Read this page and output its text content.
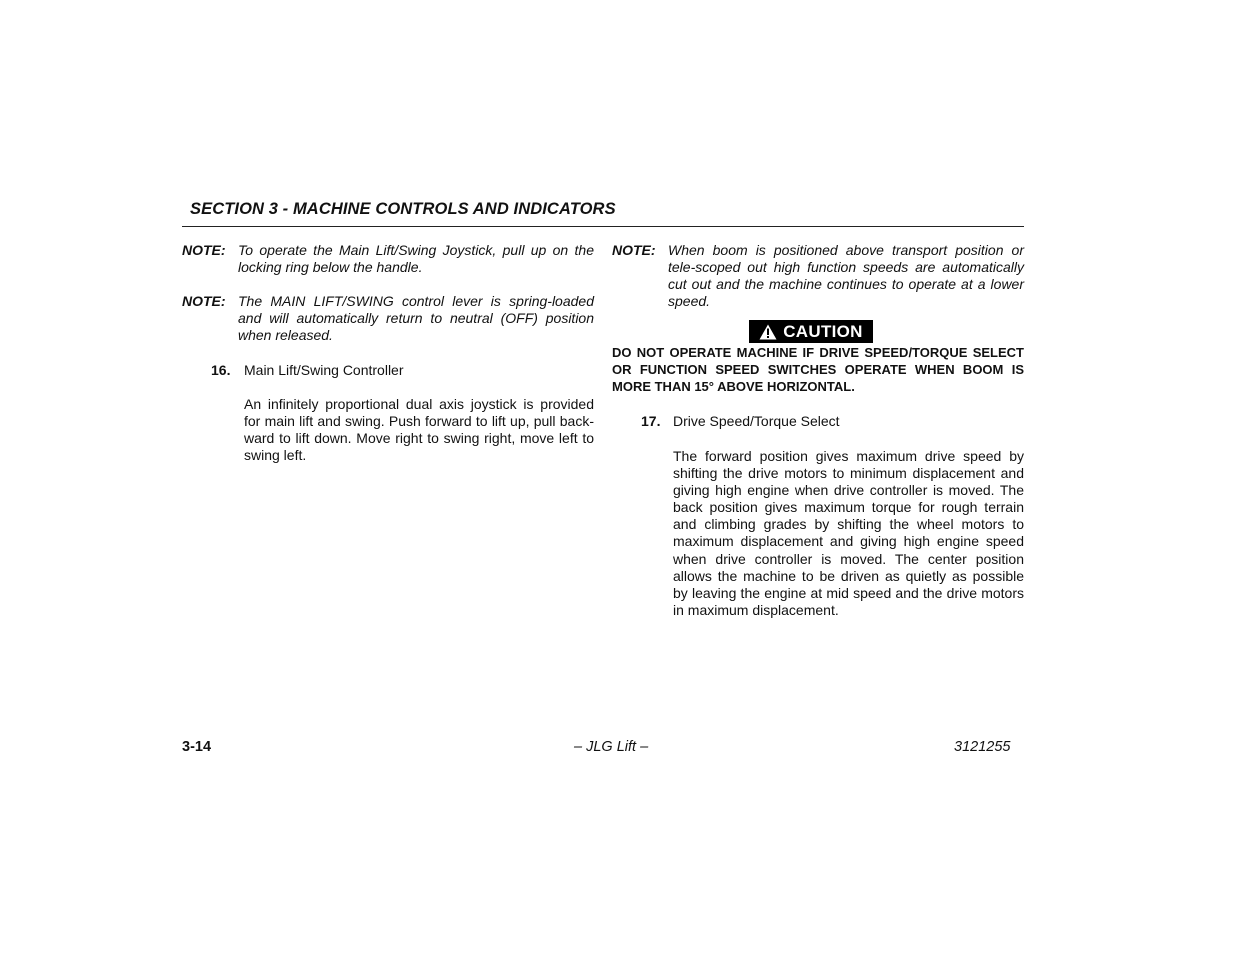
SECTION 3 - MACHINE CONTROLS AND INDICATORS
NOTE: To operate the Main Lift/Swing Joystick, pull up on the locking ring below the handle.
NOTE: The MAIN LIFT/SWING control lever is spring-loaded and will automatically return to neutral (OFF) position when released.
16. Main Lift/Swing Controller
An infinitely proportional dual axis joystick is provided for main lift and swing. Push forward to lift up, pull back-ward to lift down. Move right to swing right, move left to swing left.
NOTE: When boom is positioned above transport position or tele-scoped out high function speeds are automatically cut out and the machine continues to operate at a lower speed.
CAUTION
DO NOT OPERATE MACHINE IF DRIVE SPEED/TORQUE SELECT OR FUNCTION SPEED SWITCHES OPERATE WHEN BOOM IS MORE THAN 15° ABOVE HORIZONTAL.
17. Drive Speed/Torque Select
The forward position gives maximum drive speed by shifting the drive motors to minimum displacement and giving high engine when drive controller is moved. The back position gives maximum torque for rough terrain and climbing grades by shifting the wheel motors to maximum displacement and giving high engine speed when drive controller is moved. The center position allows the machine to be driven as quietly as possible by leaving the engine at mid speed and the drive motors in maximum displacement.
3-14	– JLG Lift –	3121255
